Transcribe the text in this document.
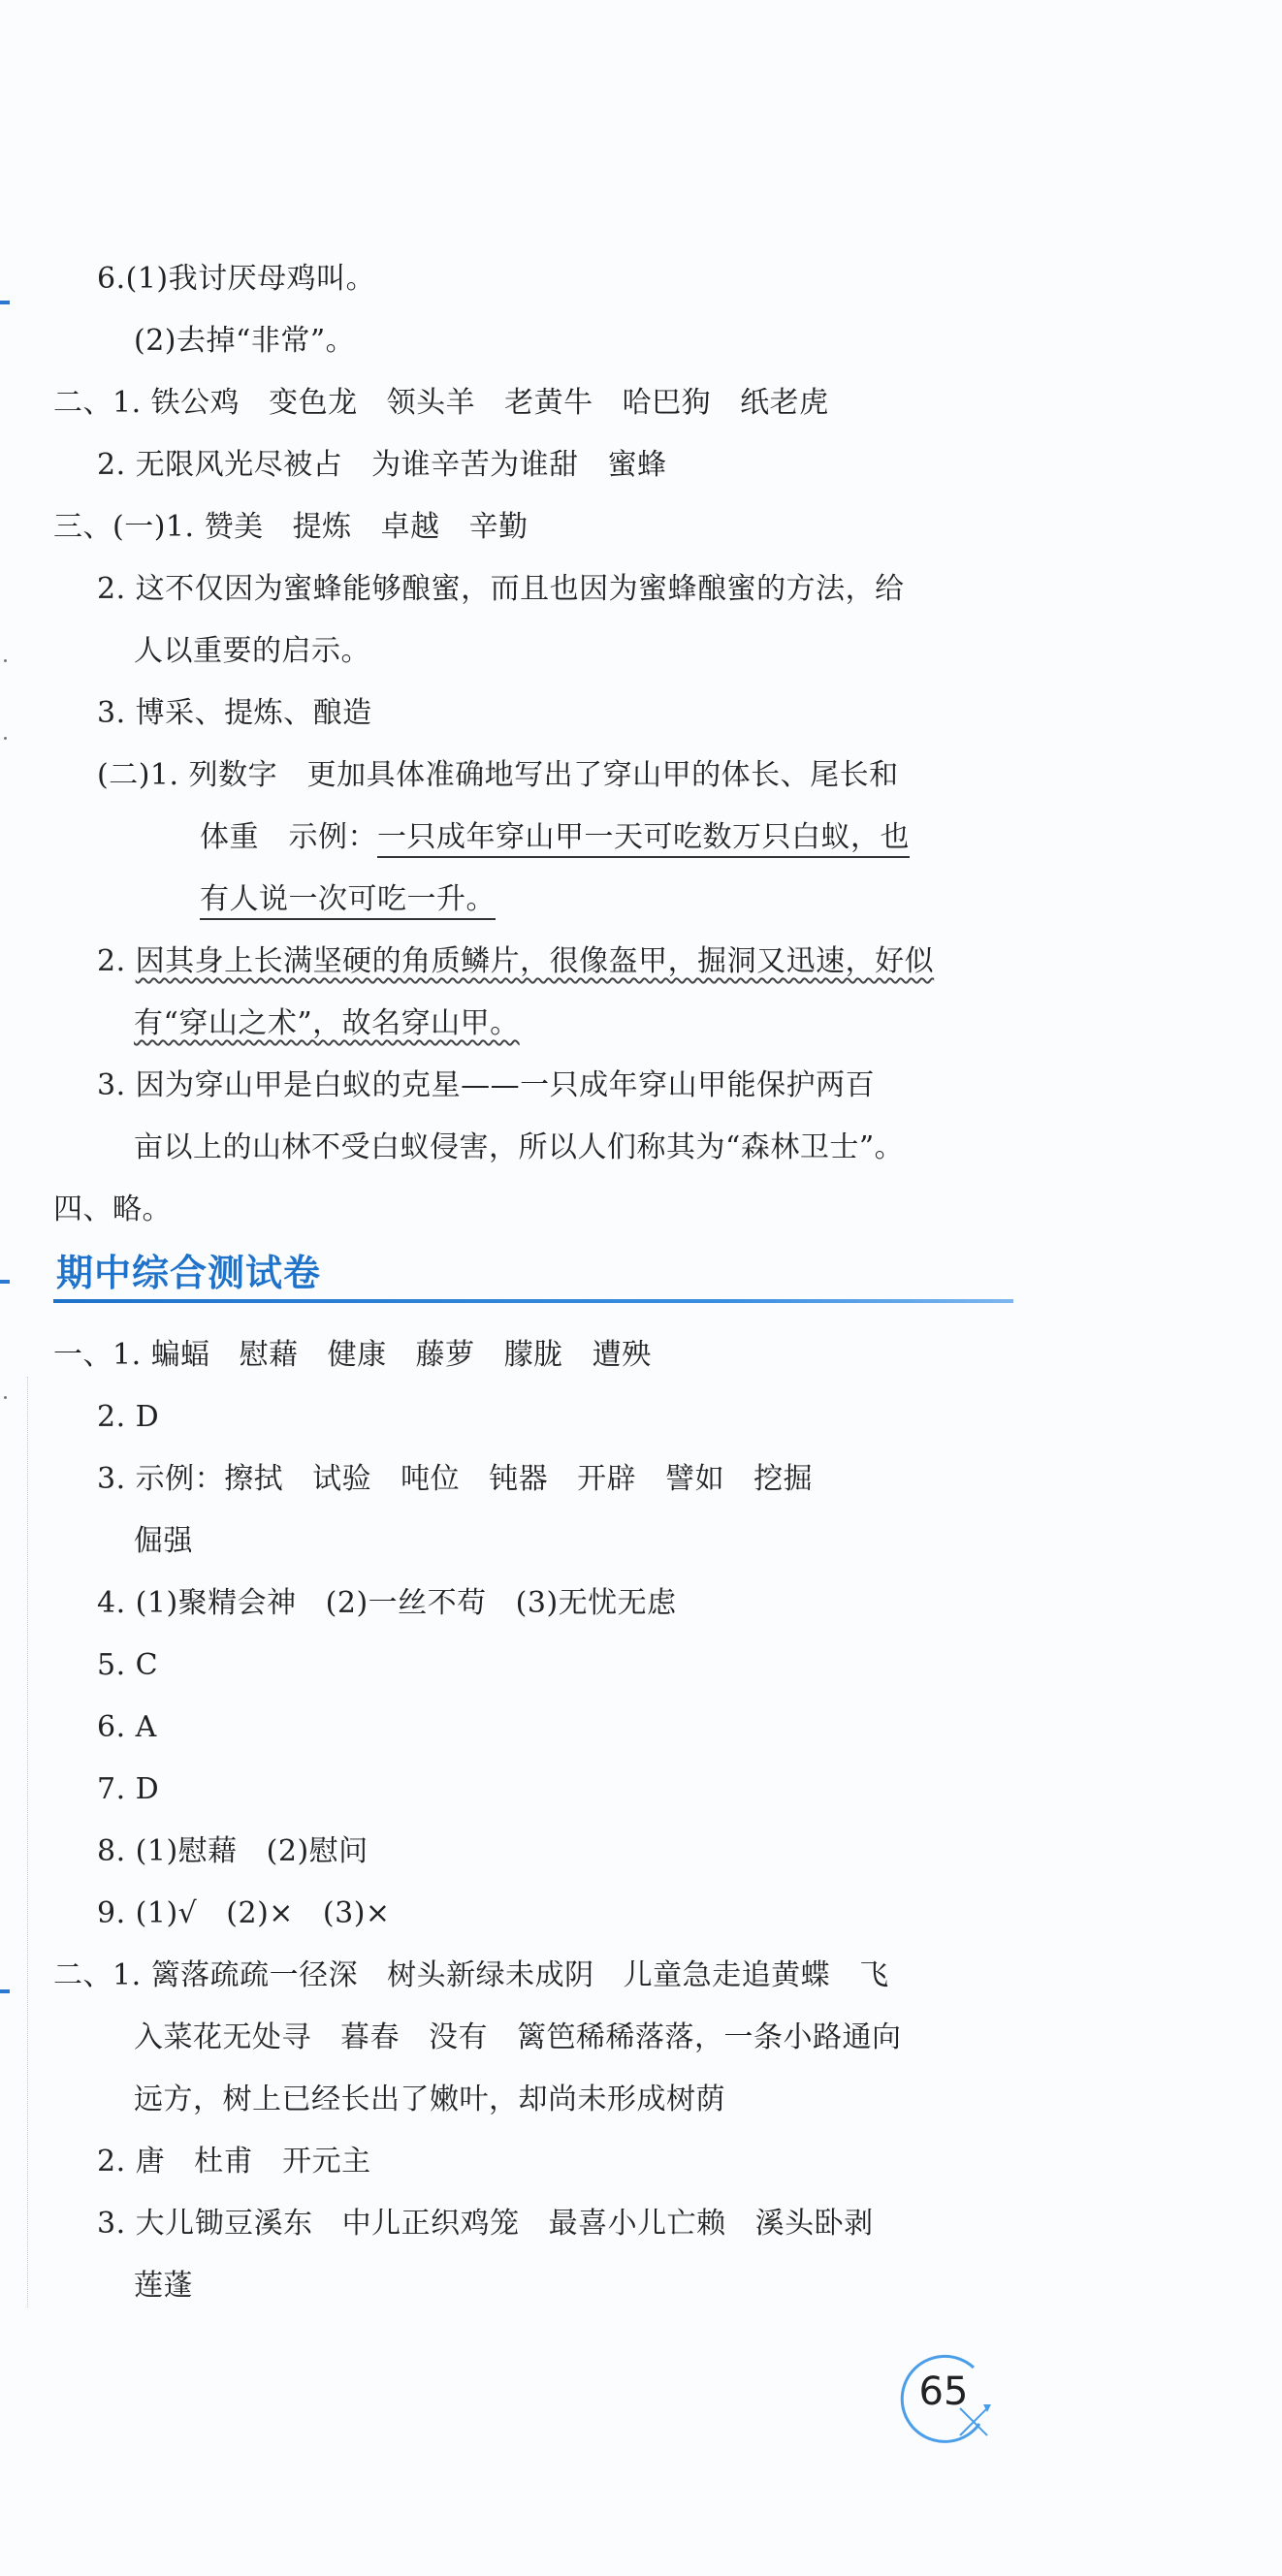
6.(1)我讨厌母鸡叫。
(2)去掉“非常”。
二、1. 铁公鸡 变色龙 领头羊 老黄牛 哈巴狗 纸老虎
2. 无限风光尽被占 为谁辛苦为谁甜 蜜蜂
三、(一)1. 赞美 提炼 卓越 辛勤
2. 这不仅因为蜜蜂能够酿蜜，而且也因为蜜蜂酿蜜的方法，给
人以重要的启示。
3. 博采、提炼、酿造
(二)1. 列数字　更加具体准确地写出了穿山甲的体长、尾长和
体重　示例：一只成年穿山甲一天可吃数万只白蚁，也
有人说一次可吃一升。
2. 因其身上长满坚硬的角质鳞片，很像盔甲，掘洞又迅速，好似
有“穿山之术”，故名穿山甲。
3. 因为穿山甲是白蚁的克星——一只成年穿山甲能保护两百
亩以上的山林不受白蚁侵害，所以人们称其为“森林卫士”。
四、略。
期中综合测试卷
一、1. 蝙蝠 慰藉 健康 藤萝 朦胧 遭殃
2. D
3. 示例：擦拭 试验 吨位 钝器 开辟 譬如 挖掘
倔强
4. (1)聚精会神 (2)一丝不苟 (3)无忧无虑
5. C
6. A
7. D
8. (1)慰藉 (2)慰问
9. (1)√ (2)× (3)×
二、1. 篱落疏疏一径深 树头新绿未成阴 儿童急走追黄蝶 飞
入菜花无处寻 暮春 没有 篱笆稀稀落落，一条小路通向
远方，树上已经长出了嫩叶，却尚未形成树荫
2. 唐 杜甫 开元主
3. 大儿锄豆溪东 中儿正织鸡笼 最喜小儿亡赖 溪头卧剥
莲蓬
65
